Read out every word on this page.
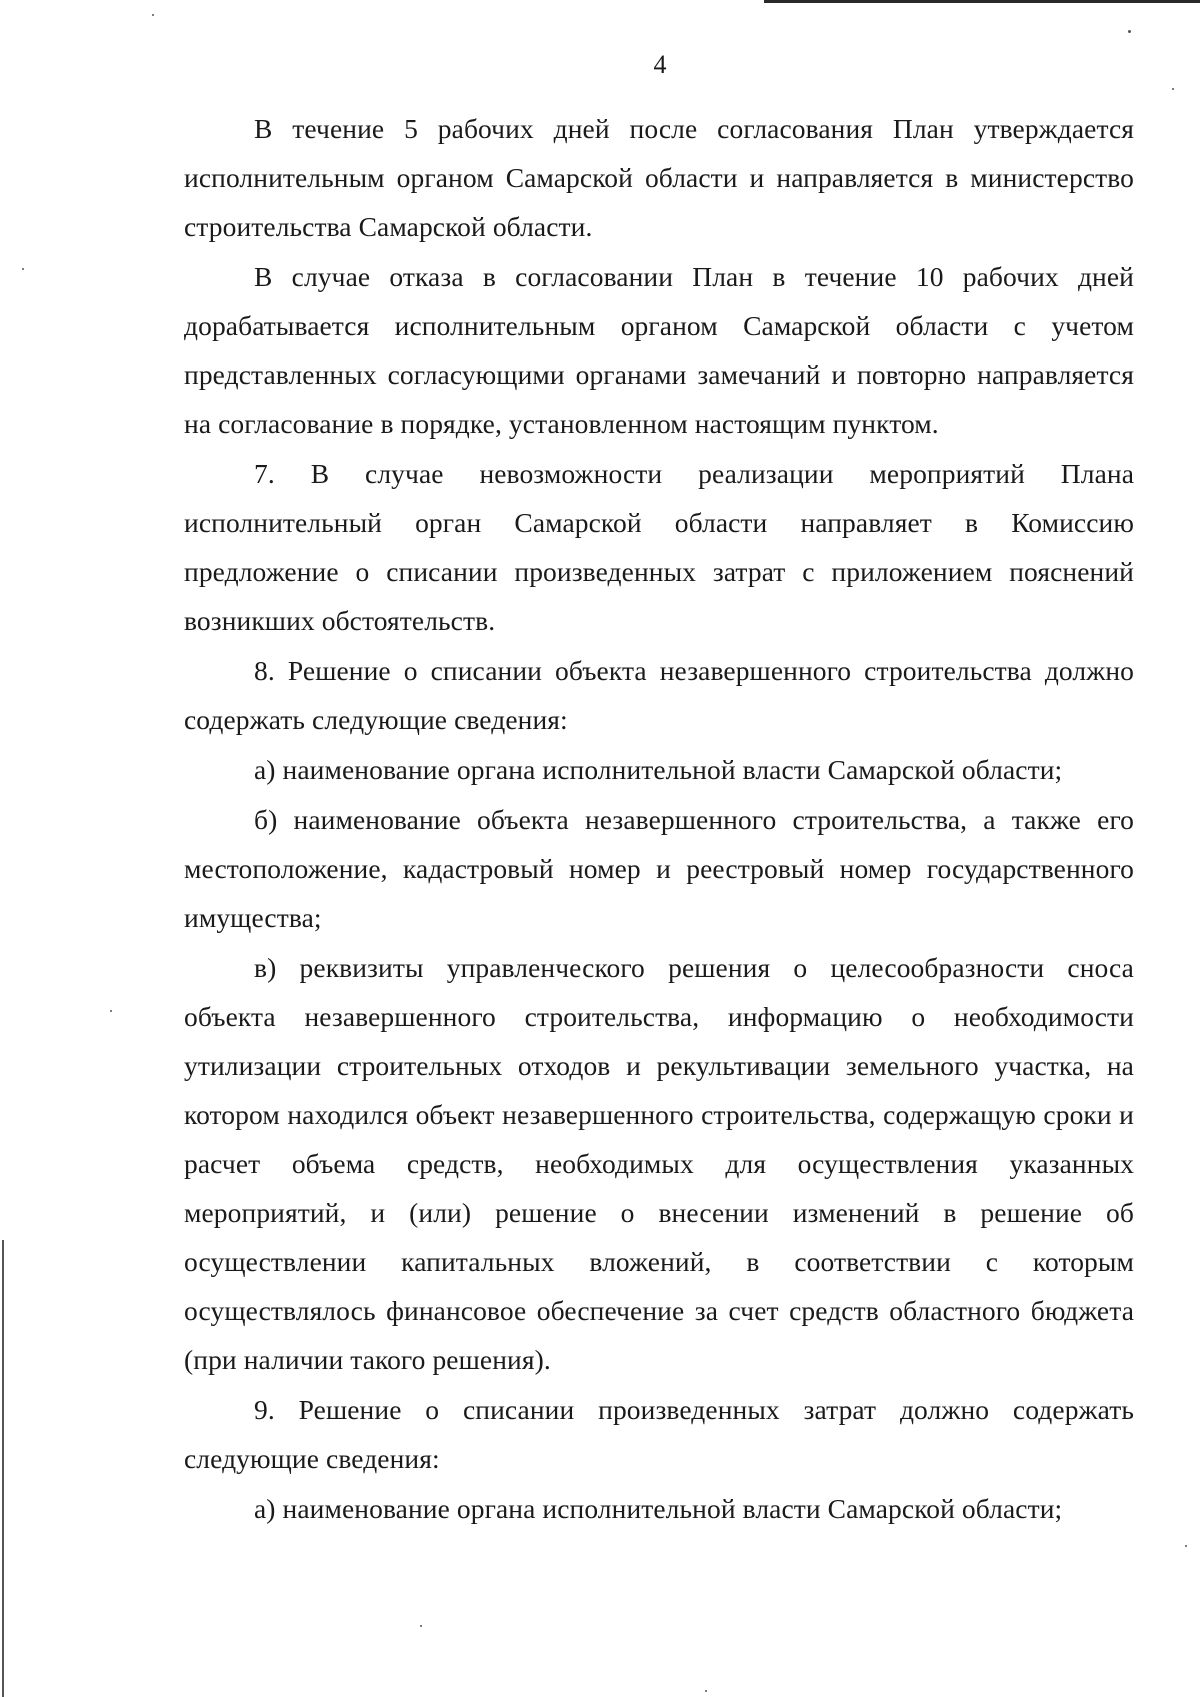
4

В течение 5 рабочих дней после согласования План утверждается исполнительным органом Самарской области и направляется в министерство строительства Самарской области.

В случае отказа в согласовании План в течение 10 рабочих дней дорабатывается исполнительным органом Самарской области с учетом представленных согласующими органами замечаний и повторно направляется на согласование в порядке, установленном настоящим пунктом.

7. В случае невозможности реализации мероприятий Плана исполнительный орган Самарской области направляет в Комиссию предложение о списании произведенных затрат с приложением пояснений возникших обстоятельств.

8. Решение о списании объекта незавершенного строительства должно содержать следующие сведения:

а) наименование органа исполнительной власти Самарской области;

б) наименование объекта незавершенного строительства, а также его местоположение, кадастровый номер и реестровый номер государственного имущества;

в) реквизиты управленческого решения о целесообразности сноса объекта незавершенного строительства, информацию о необходимости утилизации строительных отходов и рекультивации земельного участка, на котором находился объект незавершенного строительства, содержащую сроки и расчет объема средств, необходимых для осуществления указанных мероприятий, и (или) решение о внесении изменений в решение об осуществлении капитальных вложений, в соответствии с которым осуществлялось финансовое обеспечение за счет средств областного бюджета (при наличии такого решения).

9. Решение о списании произведенных затрат должно содержать следующие сведения:

а) наименование органа исполнительной власти Самарской области;
